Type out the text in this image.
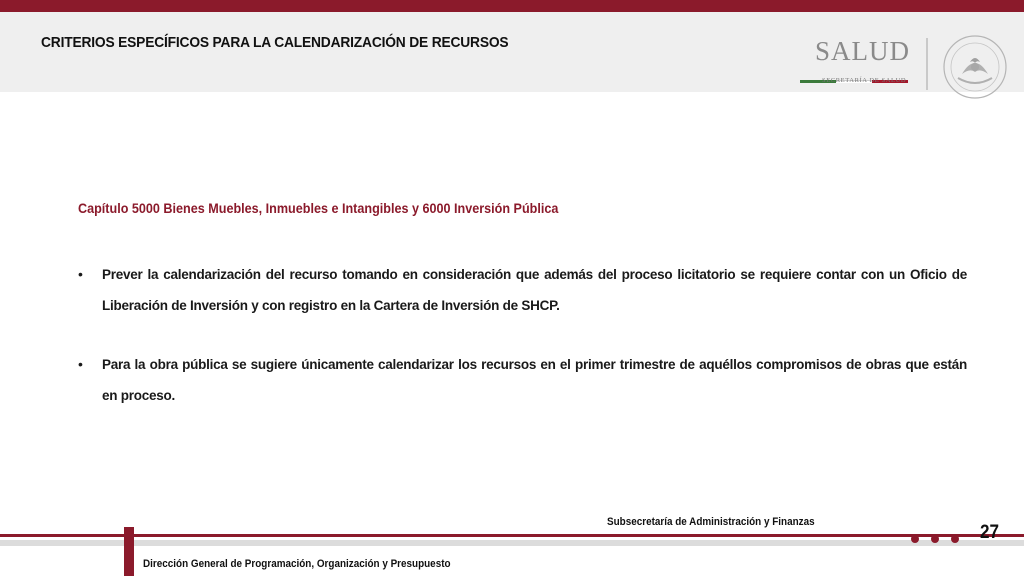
CRITERIOS ESPECÍFICOS PARA LA CALENDARIZACIÓN DE RECURSOS	SALUD
SECRETARÍA DE SALUD
Capítulo 5000 Bienes Muebles, Inmuebles e Intangibles y 6000 Inversión Pública
• Prever la calendarización del recurso tomando en consideración que además del proceso licitatorio se requiere contar con un Oficio de Liberación de Inversión y con registro en la Cartera de Inversión de SHCP.
• Para la obra pública se sugiere únicamente calendarizar los recursos en el primer trimestre de aquéllos compromisos de obras que están en proceso.
Subsecretaría de Administración y Finanzas
Dirección General de Programación, Organización y Presupuesto
27
